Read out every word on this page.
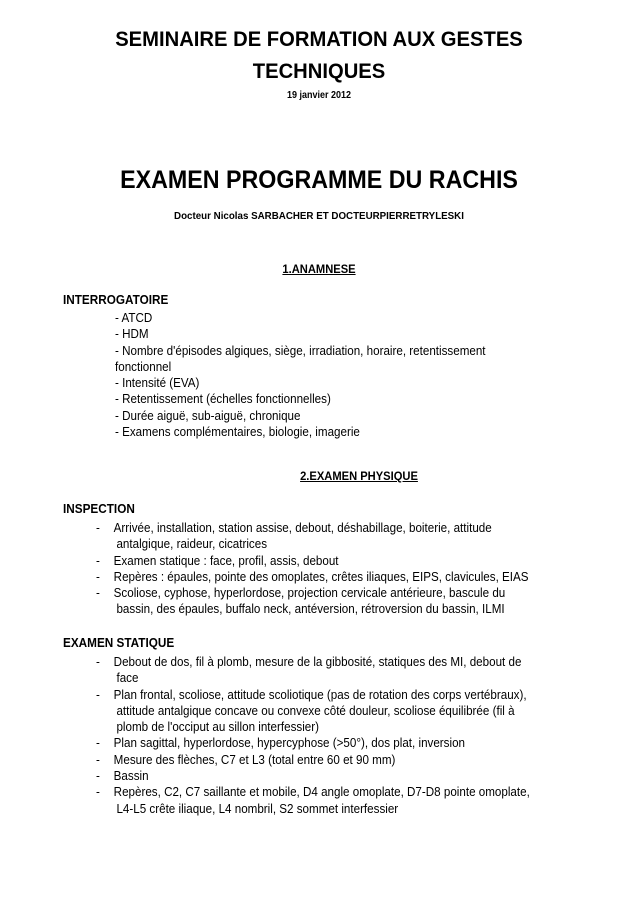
SEMINAIRE DE FORMATION AUX GESTES
TECHNIQUES
19 janvier 2012
EXAMEN PROGRAMME DU RACHIS
Docteur Nicolas SARBACHER ET DOCTEURPIERRETRYLESKI
1.ANAMNESE
INTERROGATOIRE
- ATCD
- HDM
- Nombre d'épisodes algiques, siège, irradiation, horaire, retentissement
fonctionnel
- Intensité (EVA)
- Retentissement (échelles fonctionnelles)
- Durée aiguë, sub-aiguë, chronique
- Examens complémentaires, biologie, imagerie
2.EXAMEN PHYSIQUE
INSPECTION
- Arrivée, installation, station assise, debout, déshabillage, boiterie, attitude
antalgique, raideur, cicatrices
- Examen statique : face, profil, assis, debout
- Repères : épaules, pointe des omoplates, crêtes iliaques, EIPS, clavicules, EIAS
- Scoliose, cyphose, hyperlordose, projection cervicale antérieure, bascule du
bassin, des épaules, buffalo neck, antéversion, rétroversion du bassin, ILMI
EXAMEN STATIQUE
- Debout de dos, fil à plomb, mesure de la gibbosité, statiques des MI, debout de
face
- Plan frontal, scoliose, attitude scoliotique (pas de rotation des corps vertébraux),
attitude antalgique concave ou convexe côté douleur, scoliose équilibrée (fil à
plomb de l'occiput au sillon interfessier)
- Plan sagittal, hyperlordose, hypercyphose (>50°), dos plat, inversion
- Mesure des flèches, C7 et L3 (total entre 60 et 90 mm)
- Bassin
- Repères, C2, C7 saillante et mobile, D4 angle omoplate, D7-D8 pointe omoplate,
L4-L5 crête iliaque, L4 nombril, S2 sommet interfessier
